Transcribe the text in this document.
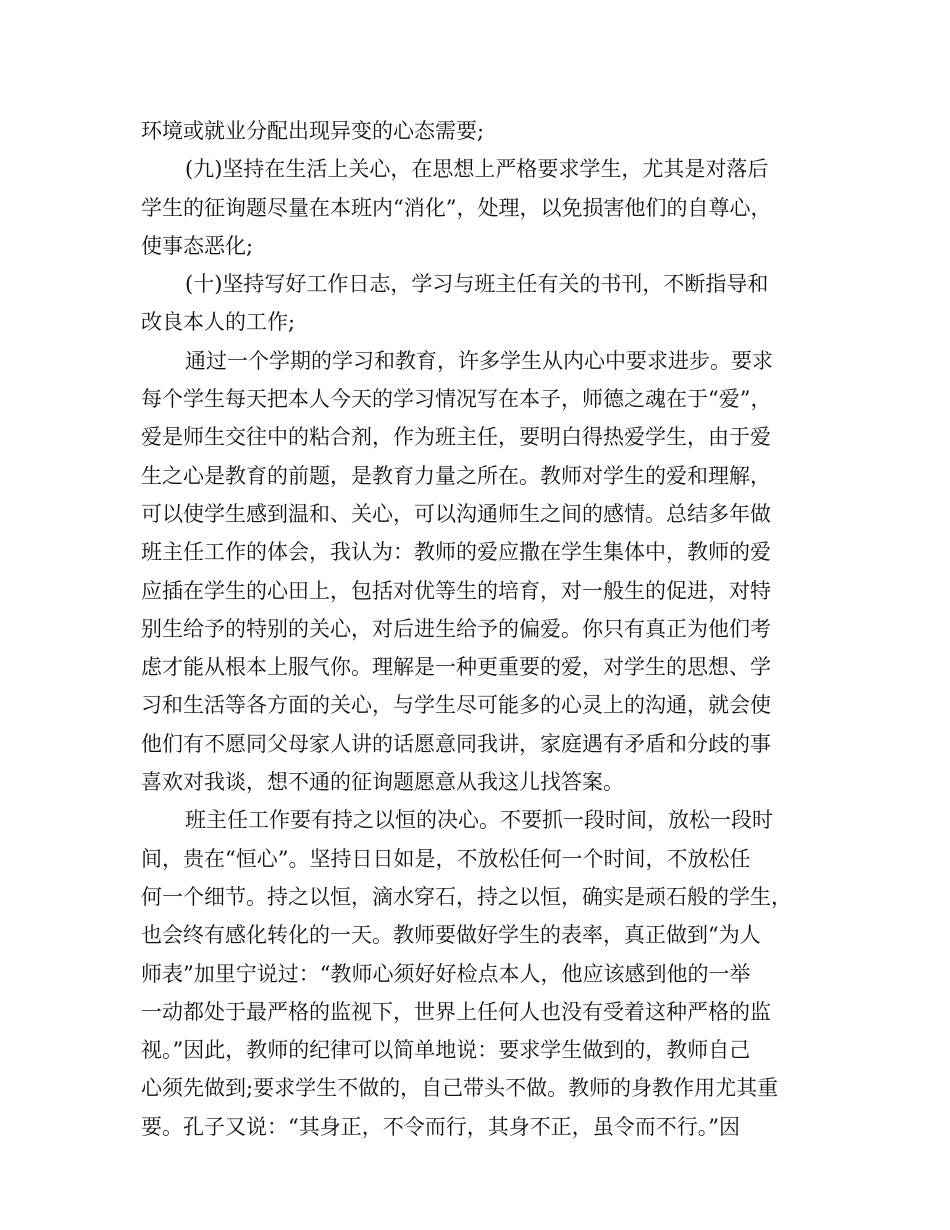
环境或就业分配出现异变的心态需要;
(九)坚持在生活上关心，在思想上严格要求学生，尤其是对落后
学生的征询题尽量在本班内“消化”，处理，以免损害他们的自尊心，
使事态恶化;
(十)坚持写好工作日志，学习与班主任有关的书刊，不断指导和
改良本人的工作;
通过一个学期的学习和教育，许多学生从内心中要求进步。要求
每个学生每天把本人今天的学习情况写在本子，师德之魂在于“爱”，
爱是师生交往中的粘合剂，作为班主任，要明白得热爱学生，由于爱
生之心是教育的前题，是教育力量之所在。教师对学生的爱和理解，
可以使学生感到温和、关心，可以沟通师生之间的感情。总结多年做
班主任工作的体会，我认为：教师的爱应撒在学生集体中，教师的爱
应插在学生的心田上，包括对优等生的培育，对一般生的促进，对特
别生给予的特别的关心，对后进生给予的偏爱。你只有真正为他们考
虑才能从根本上服气你。理解是一种更重要的爱，对学生的思想、学
习和生活等各方面的关心，与学生尽可能多的心灵上的沟通，就会使
他们有不愿同父母家人讲的话愿意同我讲，家庭遇有矛盾和分歧的事
喜欢对我谈，想不通的征询题愿意从我这儿找答案。
班主任工作要有持之以恒的决心。不要抓一段时间，放松一段时
间，贵在“恒心”。坚持日日如是，不放松任何一个时间，不放松任
何一个细节。持之以恒，滴水穿石，持之以恒，确实是顽石般的学生，
也会终有感化转化的一天。教师要做好学生的表率，真正做到“为人
师表”加里宁说过：“教师心须好好检点本人，他应该感到他的一举
一动都处于最严格的监视下，世界上任何人也没有受着这种严格的监
视。”因此，教师的纪律可以简单地说：要求学生做到的，教师自己
心须先做到;要求学生不做的，自己带头不做。教师的身教作用尤其重
要。孔子又说：“其身正，不令而行，其身不正，虽令而不行。”因
